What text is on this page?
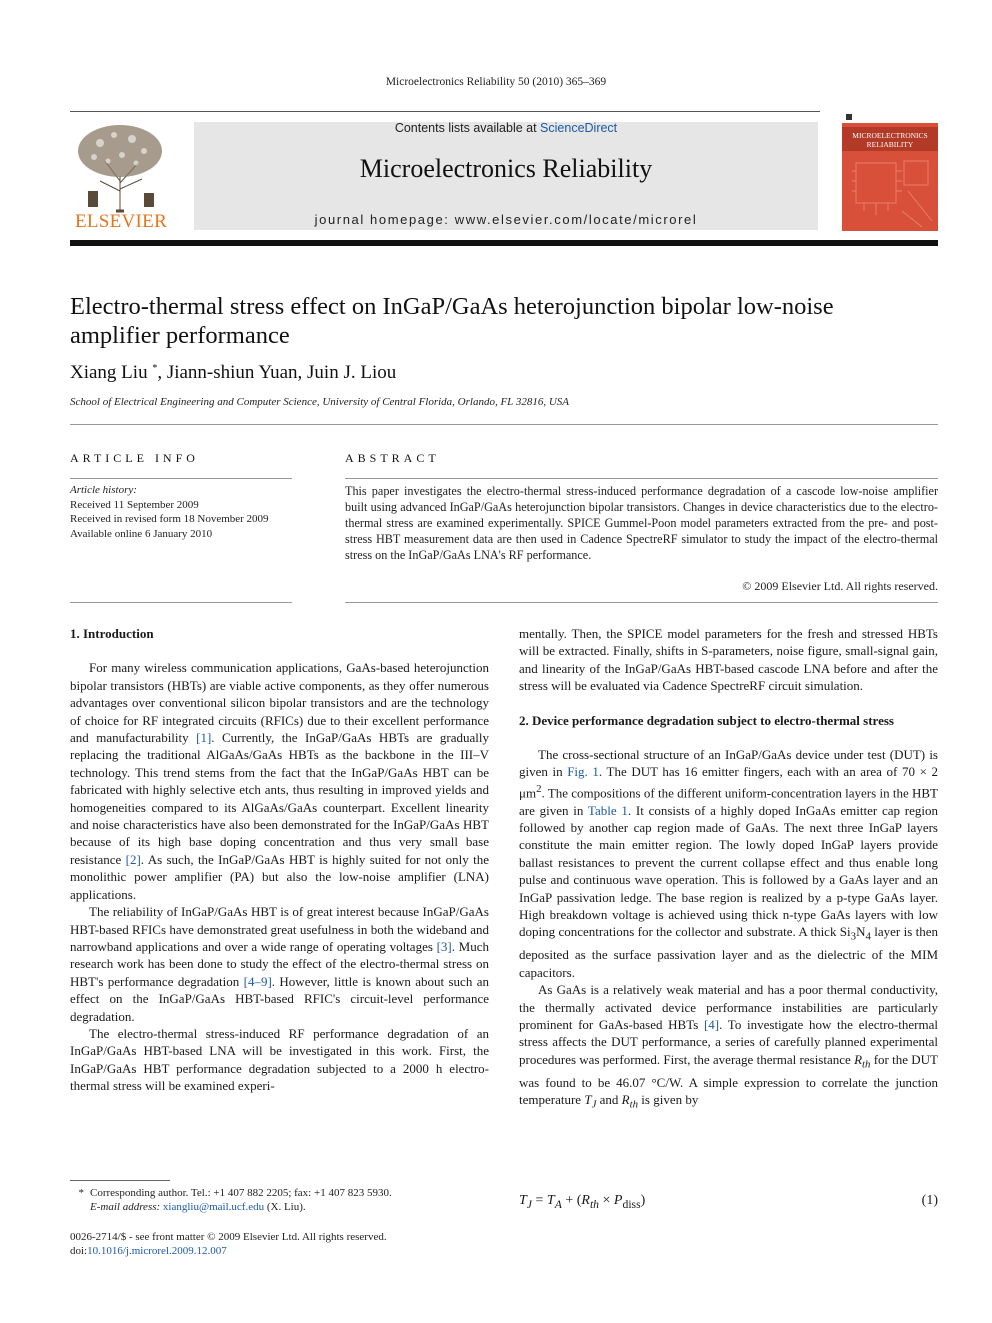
Microelectronics Reliability 50 (2010) 365–369
ELSEVIER
Contents lists available at ScienceDirect
Microelectronics Reliability
journal homepage: www.elsevier.com/locate/microrel
MICROELECTRONICS
RELIABILITY
Electro-thermal stress effect on InGaP/GaAs heterojunction bipolar low-noise
amplifier performance
Xiang Liu *, Jiann-shiun Yuan, Juin J. Liou
School of Electrical Engineering and Computer Science, University of Central Florida, Orlando, FL 32816, USA
ARTICLE INFO	ABSTRACT
Article history:
Received 11 September 2009
Received in revised form 18 November 2009
Available online 6 January 2010
This paper investigates the electro-thermal stress-induced performance degradation of a cascode low-noise amplifier built using advanced InGaP/GaAs heterojunction bipolar transistors. Changes in device characteristics due to the electro-thermal stress are examined experimentally. SPICE Gummel-Poon model parameters extracted from the pre- and post-stress HBT measurement data are then used in Cadence SpectreRF simulator to study the impact of the electro-thermal stress on the InGaP/GaAs LNA's RF performance.
© 2009 Elsevier Ltd. All rights reserved.
1. Introduction

For many wireless communication applications, GaAs-based heterojunction bipolar transistors (HBTs) are viable active components, as they offer numerous advantages over conventional silicon bipolar transistors and are the technology of choice for RF integrated circuits (RFICs) due to their excellent performance and manufacturability [1]. Currently, the InGaP/GaAs HBTs are gradually replacing the traditional AlGaAs/GaAs HBTs as the backbone in the III–V technology. This trend stems from the fact that the InGaP/GaAs HBT can be fabricated with highly selective etch ants, thus resulting in improved yields and homogeneities compared to its AlGaAs/GaAs counterpart. Excellent linearity and noise characteristics have also been demonstrated for the InGaP/GaAs HBT because of its high base doping concentration and thus very small base resistance [2]. As such, the InGaP/GaAs HBT is highly suited for not only the monolithic power amplifier (PA) but also the low-noise amplifier (LNA) applications.

The reliability of InGaP/GaAs HBT is of great interest because InGaP/GaAs HBT-based RFICs have demonstrated great usefulness in both the wideband and narrowband applications and over a wide range of operating voltages [3]. Much research work has been done to study the effect of the electro-thermal stress on HBT's performance degradation [4–9]. However, little is known about such an effect on the InGaP/GaAs HBT-based RFIC's circuit-level performance degradation.

The electro-thermal stress-induced RF performance degradation of an InGaP/GaAs HBT-based LNA will be investigated in this work. First, the InGaP/GaAs HBT performance degradation subjected to a 2000 h electro-thermal stress will be examined experi-

mentally. Then, the SPICE model parameters for the fresh and stressed HBTs will be extracted. Finally, shifts in S-parameters, noise figure, small-signal gain, and linearity of the InGaP/GaAs HBT-based cascode LNA before and after the stress will be evaluated via Cadence SpectreRF circuit simulation.

2. Device performance degradation subject to electro-thermal stress

The cross-sectional structure of an InGaP/GaAs device under test (DUT) is given in Fig. 1. The DUT has 16 emitter fingers, each with an area of 70 × 2 $\mu m^2$. The compositions of the different uniform-concentration layers in the HBT are given in Table 1. It consists of a highly doped InGaAs emitter cap region followed by another cap region made of GaAs. The next three InGaP layers constitute the main emitter region. The lowly doped InGaP layers provide ballast resistances to prevent the current collapse effect and thus enable long pulse and continuous wave operation. This is followed by a GaAs layer and an InGaP passivation ledge. The base region is realized by a p-type GaAs layer. High breakdown voltage is achieved using thick n-type GaAs layers with low doping concentrations for the collector and substrate. A thick $Si_3N_4$ layer is then deposited as the surface passivation layer and as the dielectric of the MIM capacitors.

As GaAs is a relatively weak material and has a poor thermal conductivity, the thermally activated device performance instabilities are particularly prominent for GaAs-based HBTs [4]. To investigate how the electro-thermal stress affects the DUT performance, a series of carefully planned experimental procedures was performed. First, the average thermal resistance $R_{th}$ for the DUT was found to be 46.07 °C/W. A simple expression to correlate the junction temperature $T_J$ and $R_{th}$ is given by

$T_J = T_A + (R_{th} \times P_{diss})$	(1)
* Corresponding author. Tel.: +1 407 882 2205; fax: +1 407 823 5930.
E-mail address: xiangliu@mail.ucf.edu (X. Liu).
0026-2714/$ - see front matter © 2009 Elsevier Ltd. All rights reserved.
doi:10.1016/j.microrel.2009.12.007
